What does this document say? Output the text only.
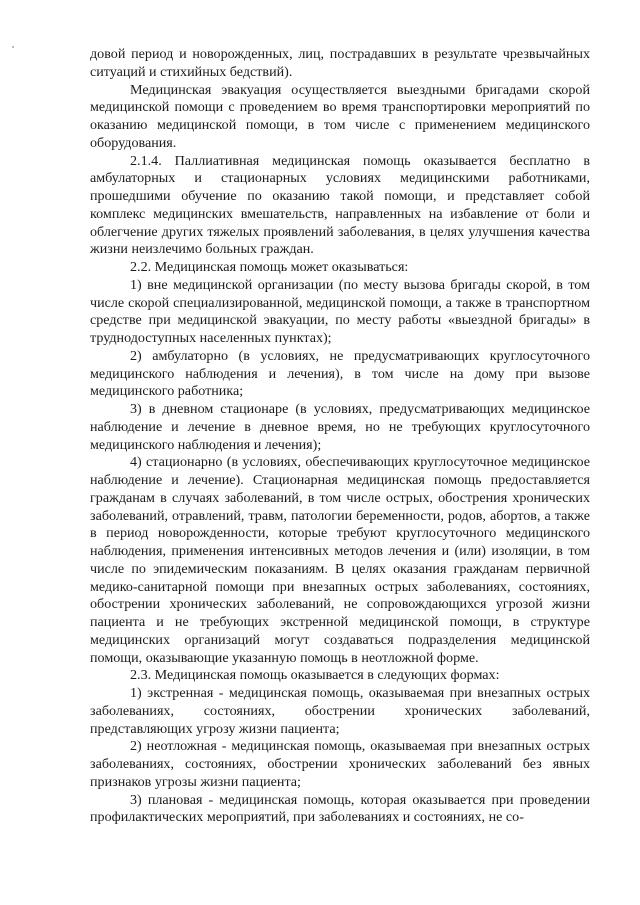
довой период и новорожденных, лиц, пострадавших в результате чрезвычайных ситуаций и стихийных бедствий).

Медицинская эвакуация осуществляется выездными бригадами скорой медицинской помощи с проведением во время транспортировки мероприятий по оказанию медицинской помощи, в том числе с применением медицинского оборудования.

2.1.4. Паллиативная медицинская помощь оказывается бесплатно в амбулаторных и стационарных условиях медицинскими работниками, прошедшими обучение по оказанию такой помощи, и представляет собой комплекс медицинских вмешательств, направленных на избавление от боли и облегчение других тяжелых проявлений заболевания, в целях улучшения качества жизни неизлечимо больных граждан.

2.2. Медицинская помощь может оказываться:

1) вне медицинской организации (по месту вызова бригады скорой, в том числе скорой специализированной, медицинской помощи, а также в транспортном средстве при медицинской эвакуации, по месту работы «выездной бригады» в труднодоступных населенных пунктах);

2) амбулаторно (в условиях, не предусматривающих круглосуточного медицинского наблюдения и лечения), в том числе на дому при вызове медицинского работника;

3) в дневном стационаре (в условиях, предусматривающих медицинское наблюдение и лечение в дневное время, но не требующих круглосуточного медицинского наблюдения и лечения);

4) стационарно (в условиях, обеспечивающих круглосуточное медицинское наблюдение и лечение). Стационарная медицинская помощь предоставляется гражданам в случаях заболеваний, в том числе острых, обострения хронических заболеваний, отравлений, травм, патологии беременности, родов, абортов, а также в период новорожденности, которые требуют круглосуточного медицинского наблюдения, применения интенсивных методов лечения и (или) изоляции, в том числе по эпидемическим показаниям. В целях оказания гражданам первичной медико-санитарной помощи при внезапных острых заболеваниях, состояниях, обострении хронических заболеваний, не сопровождающихся угрозой жизни пациента и не требующих экстренной медицинской помощи, в структуре медицинских организаций могут создаваться подразделения медицинской помощи, оказывающие указанную помощь в неотложной форме.

2.3. Медицинская помощь оказывается в следующих формах:

1) экстренная - медицинская помощь, оказываемая при внезапных острых заболеваниях, состояниях, обострении хронических заболеваний, представляющих угрозу жизни пациента;

2) неотложная - медицинская помощь, оказываемая при внезапных острых заболеваниях, состояниях, обострении хронических заболеваний без явных признаков угрозы жизни пациента;

3) плановая - медицинская помощь, которая оказывается при проведении профилактических мероприятий, при заболеваниях и состояниях, не со-
